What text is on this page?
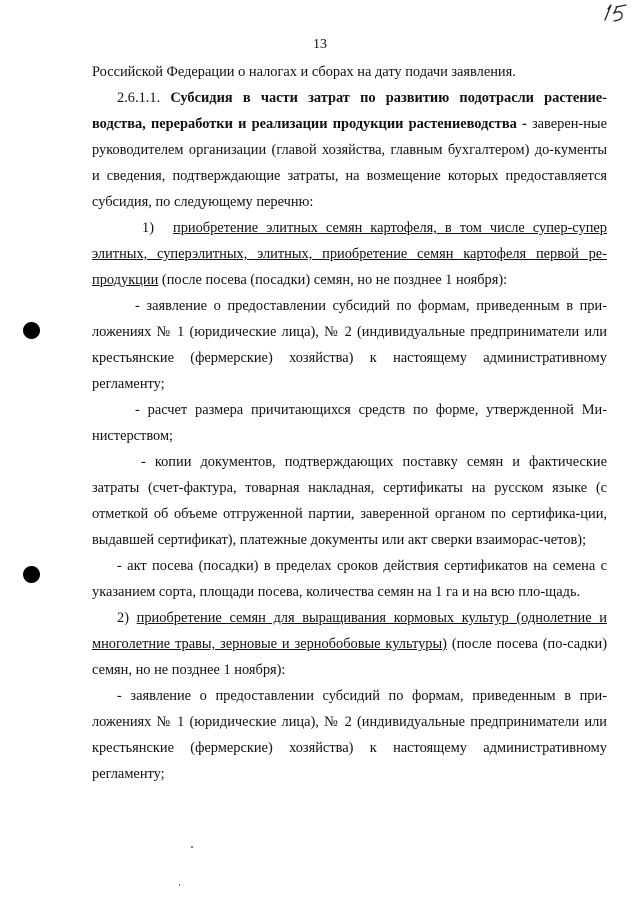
13

Российской Федерации о налогах и сборах на дату подачи заявления.

2.6.1.1. Субсидия в части затрат по развитию подотрасли растение-водства, переработки и реализации продукции растениеводства - заверен-ные руководителем организации (главой хозяйства, главным бухгалтером) до-кументы и сведения, подтверждающие затраты, на возмещение которых предоставляется субсидия, по следующему перечню:

1) приобретение элитных семян картофеля, в том числе супер-супер элитных, суперэлитных, элитных, приобретение семян картофеля первой ре-продукции (после посева (посадки) семян, но не позднее 1 ноября):

- заявление о предоставлении субсидий по формам, приведенным в при-ложениях № 1 (юридические лица), № 2 (индивидуальные предприниматели или крестьянские (фермерские) хозяйства) к настоящему административному регламенту;

- расчет размера причитающихся средств по форме, утвержденной Ми-нистерством;

- копии документов, подтверждающих поставку семян и фактические затраты (счет-фактура, товарная накладная, сертификаты на русском языке (с отметкой об объеме отгруженной партии, заверенной органом по сертифика-ции, выдавшей сертификат), платежные документы или акт сверки взаиморас-четов);

- акт посева (посадки) в пределах сроков действия сертификатов на семена с указанием сорта, площади посева, количества семян на 1 га и на всю пло-щадь.

2) приобретение семян для выращивания кормовых культур (однолетние и многолетние травы, зерновые и зернобобовые культуры) (после посева (по-садки) семян, но не позднее 1 ноября):

- заявление о предоставлении субсидий по формам, приведенным в при-ложениях № 1 (юридические лица), № 2 (индивидуальные предприниматели или крестьянские (фермерские) хозяйства) к настоящему административному регламенту;
